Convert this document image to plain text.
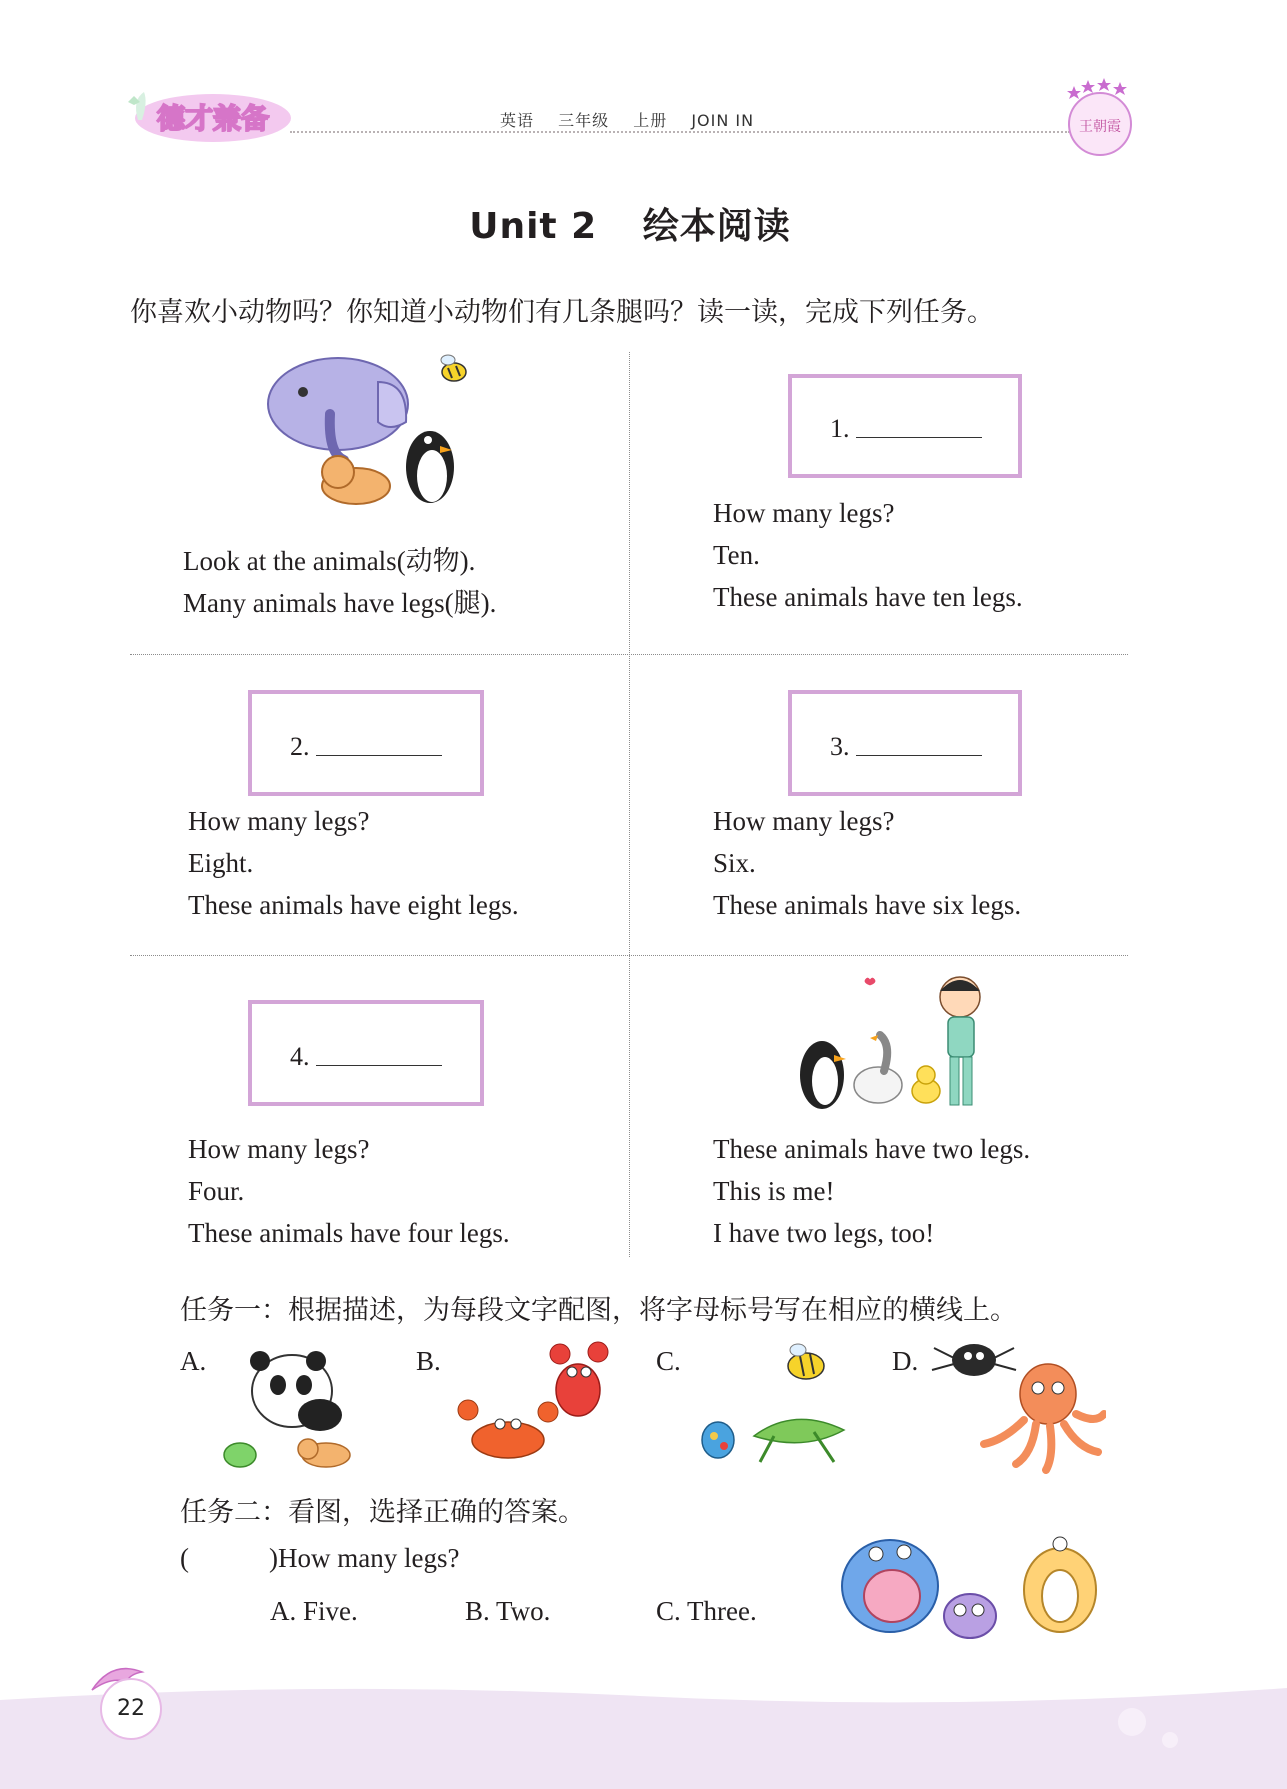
德才兼备	英语 三年级 上册 JOIN IN	王朝霞
Unit 2 绘本阅读
你喜欢小动物吗？你知道小动物们有几条腿吗？读一读，完成下列任务。
Look at the animals(动物).
Many animals have legs(腿).
1.
How many legs?
Ten.
These animals have ten legs.
2.
How many legs?
Eight.
These animals have eight legs.
3.
How many legs?
Six.
These animals have six legs.
4.
How many legs?
Four.
These animals have four legs.
These animals have two legs.
This is me!
I have two legs, too!
任务一：根据描述，为每段文字配图，将字母标号写在相应的横线上。
A.	B.	C.	D.
任务二：看图，选择正确的答案。
(	)How many legs?
A. Five.	B. Two.	C. Three.
22
